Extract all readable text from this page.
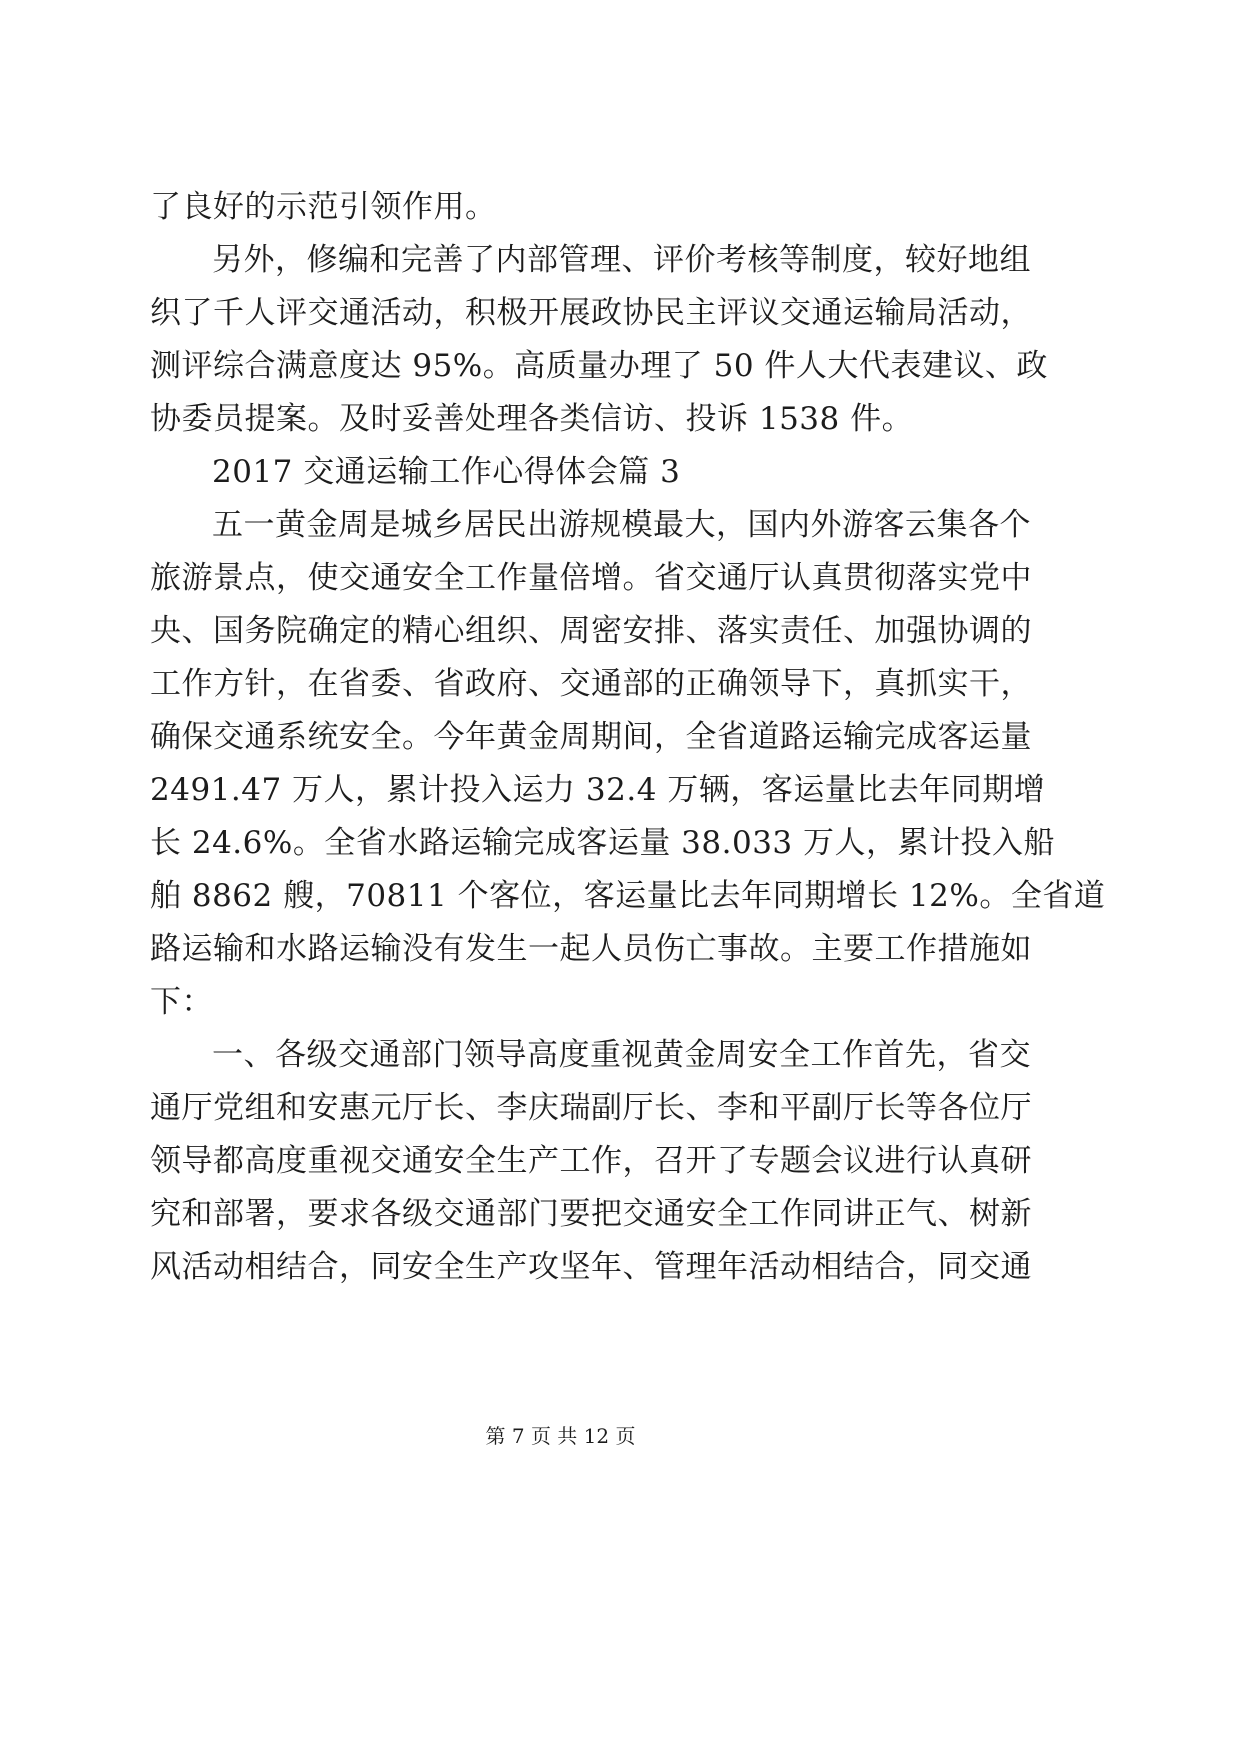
了良好的示范引领作用。
另外，修编和完善了内部管理、评价考核等制度，较好地组
织了千人评交通活动，积极开展政协民主评议交通运输局活动，
测评综合满意度达 95%。高质量办理了 50 件人大代表建议、政
协委员提案。及时妥善处理各类信访、投诉 1538 件。
2017 交通运输工作心得体会篇 3
五一黄金周是城乡居民出游规模最大，国内外游客云集各个
旅游景点，使交通安全工作量倍增。省交通厅认真贯彻落实党中
央、国务院确定的精心组织、周密安排、落实责任、加强协调的
工作方针，在省委、省政府、交通部的正确领导下，真抓实干，
确保交通系统安全。今年黄金周期间，全省道路运输完成客运量
2491.47 万人，累计投入运力 32.4 万辆，客运量比去年同期增
长 24.6%。全省水路运输完成客运量 38.033 万人，累计投入船
舶 8862 艘，70811 个客位，客运量比去年同期增长 12%。全省道
路运输和水路运输没有发生一起人员伤亡事故。主要工作措施如
下：
一、各级交通部门领导高度重视黄金周安全工作首先，省交
通厅党组和安惠元厅长、李庆瑞副厅长、李和平副厅长等各位厅
领导都高度重视交通安全生产工作，召开了专题会议进行认真研
究和部署，要求各级交通部门要把交通安全工作同讲正气、树新
风活动相结合，同安全生产攻坚年、管理年活动相结合，同交通
第 7 页 共 12 页
